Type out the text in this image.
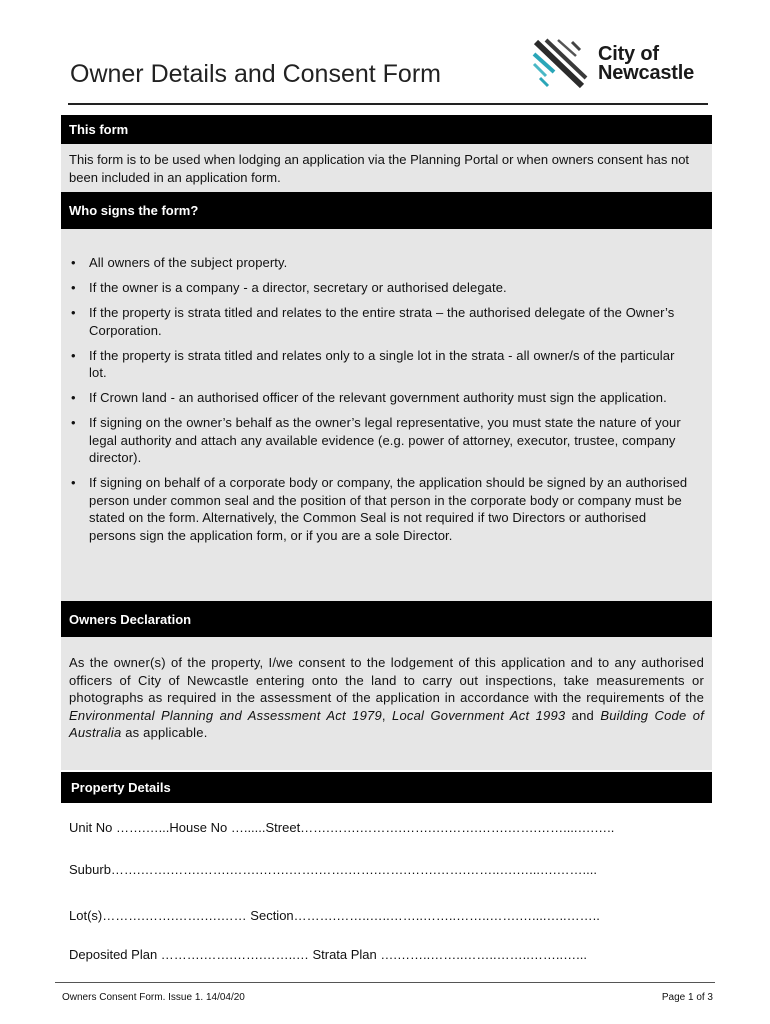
Owner Details and Consent Form
City of
Newcastle
This form

This form is to be used when lodging an application via the Planning Portal or when owners consent has not been included in an application form.

Who signs the form?
• All owners of the subject property.
• If the owner is a company - a director, secretary or authorised delegate.
• If the property is strata titled and relates to the entire strata – the authorised delegate of the Owner’s Corporation.
• If the property is strata titled and relates only to a single lot in the strata - all owner/s of the particular lot.
• If Crown land - an authorised officer of the relevant government authority must sign the application.
• If signing on the owner’s behalf as the owner’s legal representative, you must state the nature of your legal authority and attach any available evidence (e.g. power of attorney, executor, trustee, company director).
• If signing on behalf of a corporate body or company, the application should be signed by an authorised person under common seal and the position of that person in the corporate body or company must be stated on the form. Alternatively, the Common Seal is not required if two Directors or authorised persons sign the application form, or if you are a sole Director.
Owners Declaration

As the owner(s) of the property, I/we consent to the lodgement of this application and to any authorised officers of City of Newcastle entering onto the land to carry out inspections, take measurements or photographs as required in the assessment of the application in accordance with the requirements of the Environmental Planning and Assessment Act 1979, Local Government Act 1993 and Building Code of Australia as applicable.

Property Details
Unit No …….…...House No …......Street…….…….……….…….….…….…….…….……....….…..
Suburb…….…….…….…….…….…….…….…….…….…….…….…….……..….…...….……....
Lot(s)……….…….…….….…… Section……….……..…..……..……..……..…….…....…..……..
Deposited Plan ……….…….…….……..… Strata Plan ….……..……..……..……..……..…...
Owners Consent Form. Issue 1. 14/04/20	Page 1 of 3
